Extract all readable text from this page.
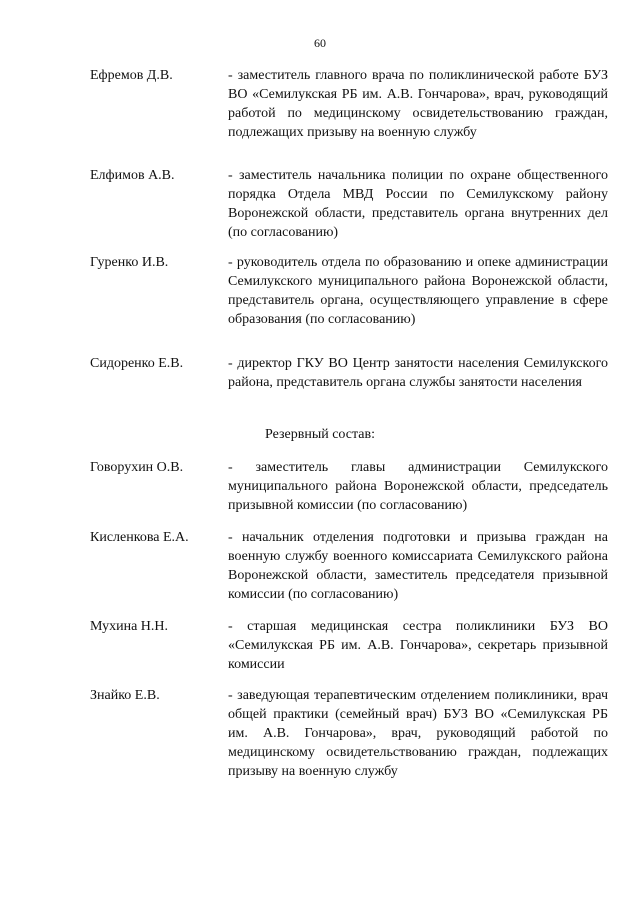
60
Ефремов Д.В.	- заместитель главного врача по поликлинической работе БУЗ ВО «Семилукская РБ им. А.В. Гончарова», врач, руководящий работой по медицинскому освидетельствованию граждан, подлежащих призыву на военную службу
Елфимов А.В.	- заместитель начальника полиции по охране общественного порядка Отдела МВД России по Семилукскому району Воронежской области, представитель органа внутренних дел (по согласованию)
Гуренко И.В.	- руководитель отдела по образованию и опеке администрации Семилукского муниципального района Воронежской области, представитель органа, осуществляющего управление в сфере образования (по согласованию)
Сидоренко Е.В.	- директор ГКУ ВО Центр занятости населения Семилукского района, представитель органа службы занятости населения
Резервный состав:
Говорухин О.В.	- заместитель главы администрации Семилукского муниципального района Воронежской области, председатель призывной комиссии (по согласованию)
Кисленкова Е.А.	- начальник отделения подготовки и призыва граждан на военную службу военного комиссариата Семилукского района Воронежской области, заместитель председателя призывной комиссии (по согласованию)
Мухина Н.Н.	- старшая медицинская сестра поликлиники БУЗ ВО «Семилукская РБ им. А.В. Гончарова», секретарь призывной комиссии
Знайко Е.В.	- заведующая терапевтическим отделением поликлиники, врач общей практики (семейный врач) БУЗ ВО «Семилукская РБ им. А.В. Гончарова», врач, руководящий работой по медицинскому освидетельствованию граждан, подлежащих призыву на военную службу
